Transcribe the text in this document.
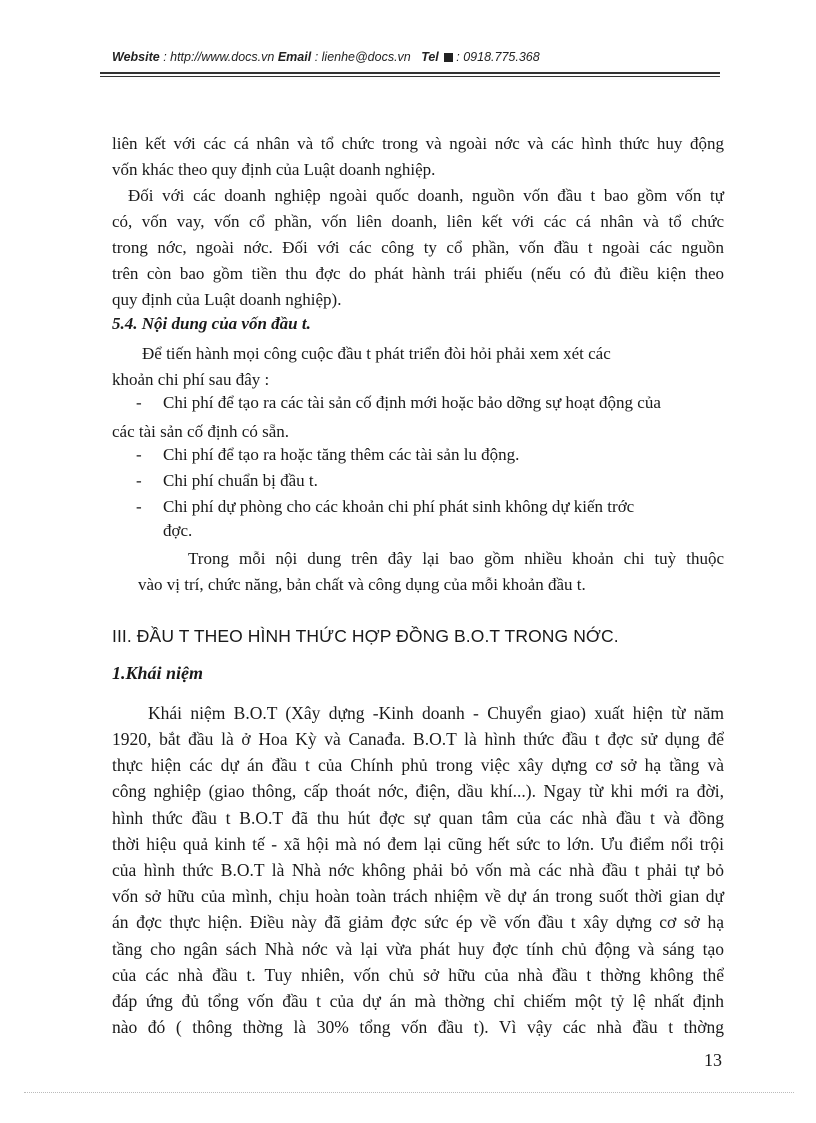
Website : http://www.docs.vn Email : lienhe@docs.vn Tel : 0918.775.368
liên kết với các cá nhân và tổ chức trong và ngoài nớc và các hình thức huy động
vốn khác theo quy định của Luật doanh nghiệp.
Đối với các doanh nghiệp ngoài quốc doanh, nguồn vốn đầu t bao gồm vốn tự
có, vốn vay, vốn cổ phần, vốn liên doanh, liên kết với các cá nhân và tổ chức
trong nớc, ngoài nớc. Đối với các công ty cổ phần, vốn đầu t ngoài các nguồn
trên còn bao gồm tiền thu đợc do phát hành trái phiếu (nếu có đủ điều kiện theo
quy định của Luật doanh nghiệp).
5.4. Nội dung của vốn đầu t.
Để tiến hành mọi công cuộc đầu t phát triển đòi hỏi phải xem xét các
khoản chi phí sau đây :
- Chi phí để tạo ra các tài sản cố định mới hoặc bảo dỡng sự hoạt động của
các tài sản cố định có sẵn.
- Chi phí để tạo ra hoặc tăng thêm các tài sản lu động.
- Chi phí chuẩn bị đầu t.
- Chi phí dự phòng cho các khoản chi phí phát sinh không dự kiến trớc
đợc.
Trong mỗi nội dung trên đây lại bao gồm nhiều khoản chi tuỳ thuộc
vào vị trí, chức năng, bản chất và công dụng của mỗi khoản đầu t.
III. ĐẦU T THEO HÌNH THỨC HỢP ĐỒNG B.O.T TRONG NỚC.
1.Khái niệm
Khái niệm B.O.T (Xây dựng -Kinh doanh - Chuyển giao) xuất hiện từ năm
1920, bắt đầu là ở Hoa Kỳ và Canađa. B.O.T là hình thức đầu t đợc sử dụng để
thực hiện các dự án đầu t của Chính phủ trong việc xây dựng cơ sở hạ tầng và
công nghiệp (giao thông, cấp thoát nớc, điện, dầu khí...). Ngay từ khi mới ra đời,
hình thức đầu t B.O.T đã thu hút đợc sự quan tâm của các nhà đầu t và đồng
thời hiệu quả kinh tế - xã hội mà nó đem lại cũng hết sức to lớn. Ưu điểm nổi trội
của hình thức B.O.T là Nhà nớc không phải bỏ vốn mà các nhà đầu t phải tự bỏ
vốn sở hữu của mình, chịu hoàn toàn trách nhiệm về dự án trong suốt thời gian dự
án đợc thực hiện. Điều này đã giảm đợc sức ép về vốn đầu t xây dựng cơ sở hạ
tầng cho ngân sách Nhà nớc và lại vừa phát huy đợc tính chủ động và sáng tạo
của các nhà đầu t. Tuy nhiên, vốn chủ sở hữu của nhà đầu t thờng không thể
đáp ứng đủ tổng vốn đầu t của dự án mà thờng chỉ chiếm một tỷ lệ nhất định
nào đó ( thông thờng là 30% tổng vốn đầu t). Vì vậy các nhà đầu t thờng
13
